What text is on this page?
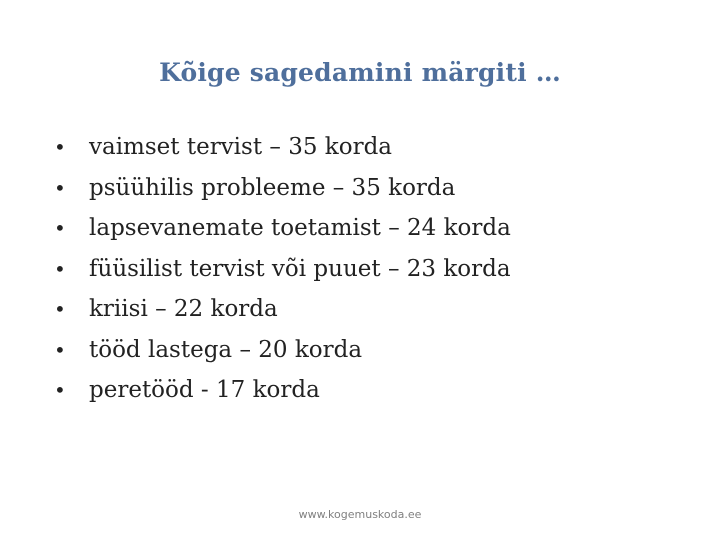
Kõige sagedamini märgiti …
•	vaimset tervist – 35 korda
•	psüühilis probleeme – 35 korda
•	lapsevanemate toetamist – 24 korda
•	füüsilist tervist või puuet – 23 korda
•	kriisi – 22 korda
•	tööd lastega – 20 korda
•	peretööd - 17 korda
www.kogemuskoda.ee
